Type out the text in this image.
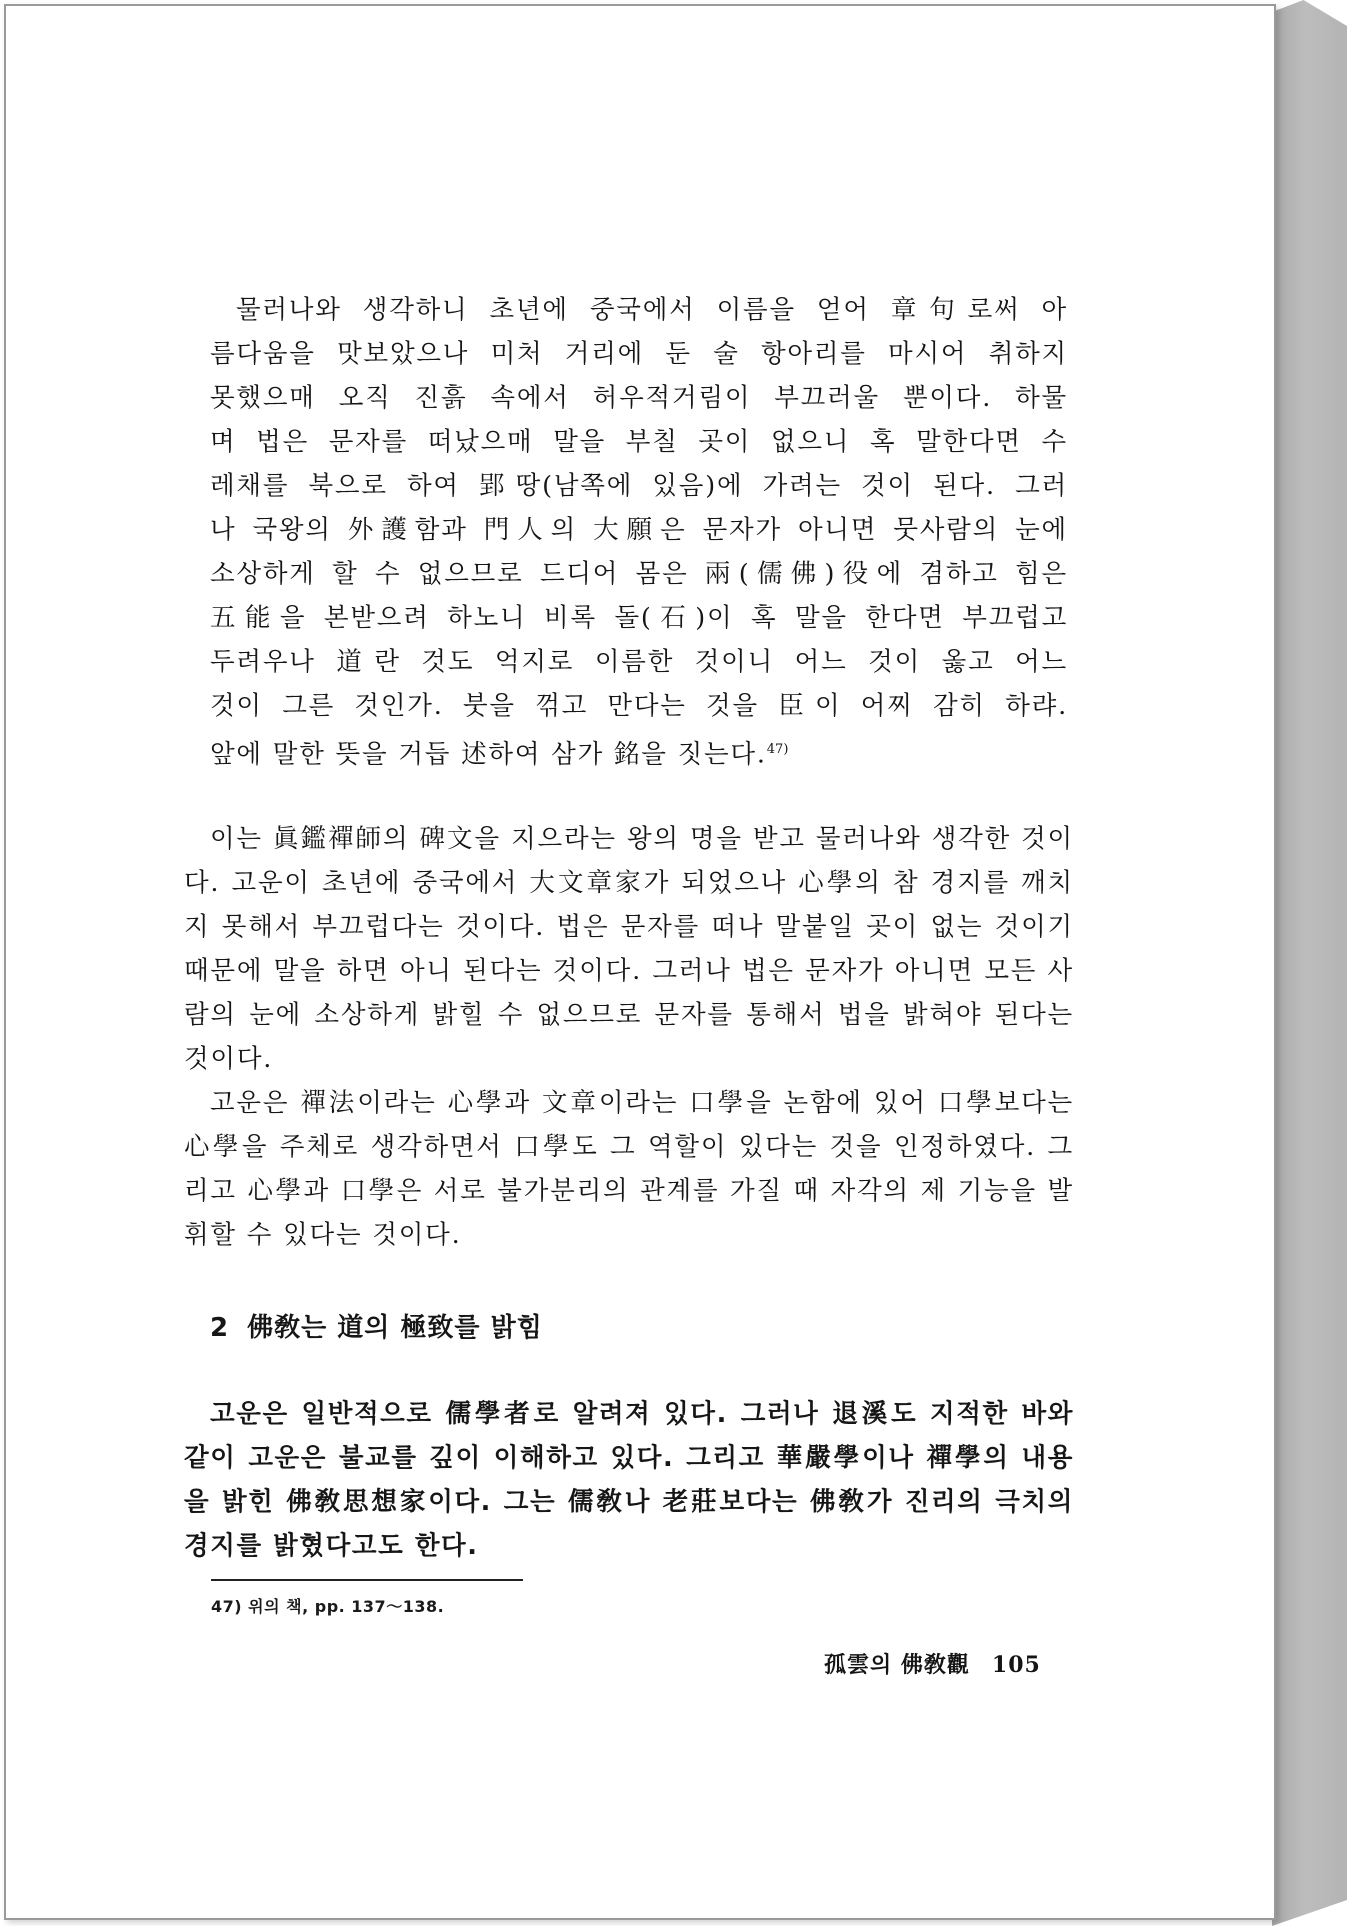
물러나와 생각하니 초년에 중국에서 이름을 얻어 章句로써 아
름다움을 맛보았으나 미처 거리에 둔 술 항아리를 마시어 취하지
못했으매 오직 진흙 속에서 허우적거림이 부끄러울 뿐이다. 하물
며 법은 문자를 떠났으매 말을 부칠 곳이 없으니 혹 말한다면 수
레채를 북으로 하여 郢땅(남쪽에 있음)에 가려는 것이 된다. 그러
나 국왕의 外護함과 門人의 大願은 문자가 아니면 뭇사람의 눈에
소상하게 할 수 없으므로 드디어 몸은 兩(儒佛)役에 겸하고 힘은
五能을 본받으려 하노니 비록 돌(石)이 혹 말을 한다면 부끄럽고
두려우나 道란 것도 억지로 이름한 것이니 어느 것이 옳고 어느
것이 그른 것인가. 붓을 꺾고 만다는 것을 臣이 어찌 감히 하랴.
앞에 말한 뜻을 거듭 述하여 삼가 銘을 짓는다.$^{47)}$

이는 眞鑑禪師의 碑文을 지으라는 왕의 명을 받고 물러나와 생각한 것이다. 고운이 초년에 중국에서 大文章家가 되었으나 心學의 참 경지를 깨치지 못해서 부끄럽다는 것이다. 법은 문자를 떠나 말붙일 곳이 없는 것이기 때문에 말을 하면 아니 된다는 것이다. 그러나 법은 문자가 아니면 모든 사람의 눈에 소상하게 밝힐 수 없으므로 문자를 통해서 법을 밝혀야 된다는 것이다.

고운은 禪法이라는 心學과 文章이라는 口學을 논함에 있어 口學보다는 心學을 주체로 생각하면서 口學도 그 역할이 있다는 것을 인정하였다. 그리고 心學과 口學은 서로 불가분리의 관계를 가질 때 자각의 제 기능을 발휘할 수 있다는 것이다.

2 佛敎는 道의 極致를 밝힘

고운은 일반적으로 儒學者로 알려져 있다. 그러나 退溪도 지적한 바와 같이 고운은 불교를 깊이 이해하고 있다. 그리고 華嚴學이나 禪學의 내용을 밝힌 佛敎思想家이다. 그는 儒敎나 老莊보다는 佛敎가 진리의 극치의 경지를 밝혔다고도 한다.

47) 위의 책, pp. 137～138.
孤雲의 佛敎觀 105
